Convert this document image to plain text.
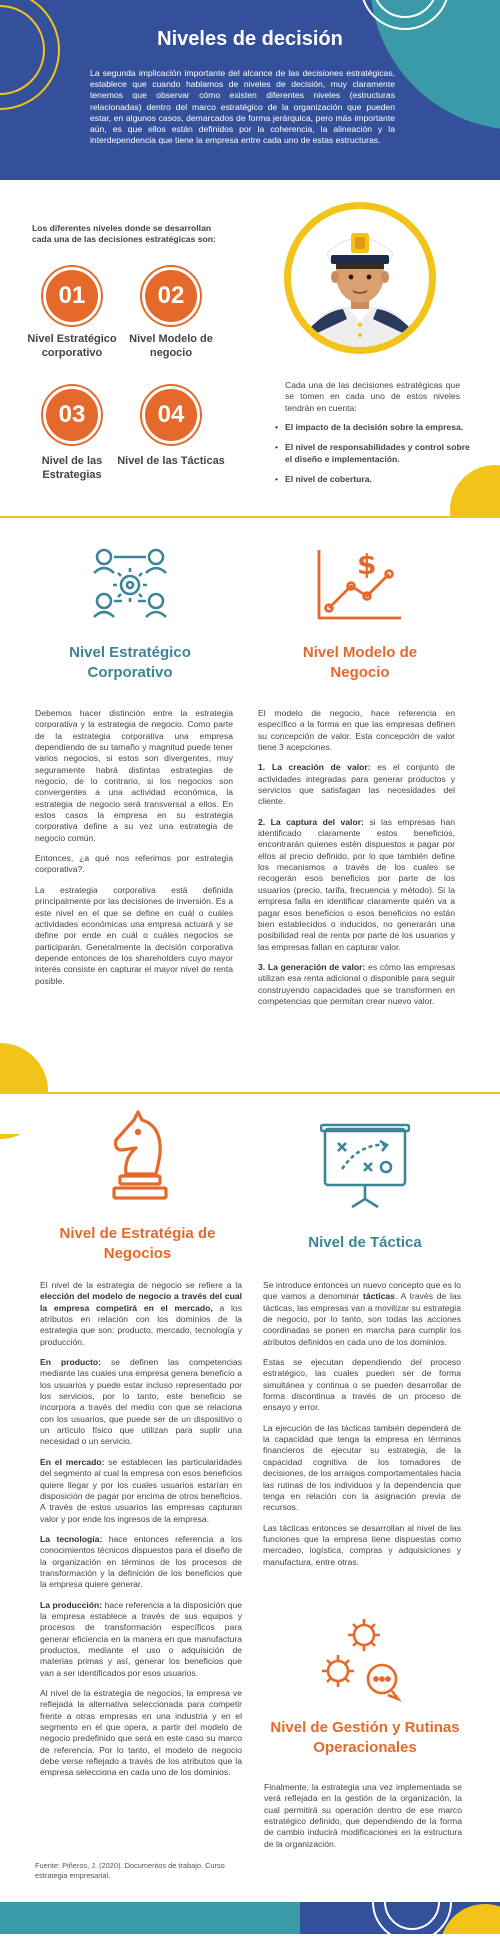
Niveles de decisión

La segunda implicación importante del alcance de las decisiones estratégicas, establece que cuando hablamos de niveles de decisión, muy claramente tenemos que observar cómo existen diferentes niveles (estructuras relacionadas) dentro del marco estratégico de la organización que pueden estar, en algunos casos, demarcados de forma jerárquica, pero más importante aún, es que ellos están definidos por la coherencia, la alineación y la interdependencia que tiene la empresa entre cada uno de estas estructuras.

Los diferentes niveles donde se desarrollan cada una de las decisiones estratégicas son:

01	02
Nivel Estratégico corporativo
Nivel Modelo de negocio
03	04
Nivel de las Estrategias
Nivel de las Tácticas

Cada una de las decisiones estratégicas que se tomen en cada uno de estos niveles tendrán en cuenta:

• El impacto de la decisión sobre la empresa.
• El nivel de responsabilidades y control sobre el diseño e implementación.
• El nivel de cobertura.
Nivel Estratégico Corporativo
$
Nivel Modelo de Negocio

Debemos hacer distinción entre la estrategia corporativa y la estrategia de negocio. Como parte de la estrategia corporativa una empresa dependiendo de su tamaño y magnitud puede tener varios negocios, si estos son divergentes, muy seguramente habrá distintas estrategias de negocio, de lo contrario, si los negocios son convergentes a una actividad económica, la estrategia de negocio será transversal a ellos. En estos casos la empresa en su estrategia corporativa define a su vez una estrategia de negocio común.

Entonces, ¿a qué nos referimos por estrategia corporativa?.

La estrategia corporativa está definida principalmente por las decisiones de inversión. Es a este nivel en el que se define en cuál o cuáles actividades económicas una empresa actuará y se define por ende en cuál o cuáles negocios se participarán. Generalmente la decisión corporativa depende entonces de los shareholders cuyo mayor interés consiste en capturar el mayor nivel de renta posible.

El modelo de negocio, hace referencia en específico a la forma en que las empresas definen su concepción de valor. Esta concepción de valor tiene 3 acepciones.

1. La creación de valor: es el conjunto de actividades integradas para generar productos y servicios que satisfagan las necesidades del cliente.

2. La captura del valor: si las empresas han identificado claramente estos beneficios, encontrarán quienes estén dispuestos a pagar por ellos al precio definido, por lo que también define los mecanismos a través de los cuales se recogerán esos beneficios por parte de los usuarios (precio, tarifa, frecuencia y método). Si la empresa falla en identificar claramente quién va a pagar esos beneficios o esos beneficios no están bien establecidos o inducidos, no generarán una posibilidad real de renta por parte de los usuarios y las empresas fallan en capturar valor.

3. La generación de valor: es cómo las empresas utilizan esa renta adicional o disponible para seguir construyendo capacidades que se transformen en competencias que permitan crear nuevo valor.

Nivel de Estratégia de Negocios
Nivel de Táctica

El nivel de la estrategia de negocio se refiere a la elección del modelo de negocio a través del cual la empresa competirá en el mercado, a los atributos en relación con los dominios de la estrategia que son: producto, mercado, tecnología y producción.

En producto: se definen las competencias mediante las cuales una empresa genera beneficio a los usuarios y puede estar incluso representado por los servicios, por lo tanto, este beneficio se incorpora a través del medio con que se relaciona con los usuarios, que puede ser de un dispositivo o un artículo físico que utilizan para suplir una necesidad o un servicio.

En el mercado: se establecen las particularidades del segmento al cual la empresa con esos beneficios quiere llegar y por los cuales usuarios estarían en disposición de pagar por encima de otros beneficios. A través de estos usuarios las empresas capturan valor y por ende los ingresos de la empresa.

La tecnología: hace entonces referencia a los conocimientos técnicos dispuestos para el diseño de la organización en términos de los procesos de transformación y la definición de los beneficios que la empresa quiere generar.

La producción: hace referencia a la disposición que la empresa establece a través de sus equipos y procesos de transformación específicos para generar eficiencia en la manera en que manufactura productos, mediante el uso o adquisición de materias primas y así, generar los beneficios que van a ser identificados por esos usuarios.

Al nivel de la estrategia de negocios, la empresa ve reflejada la alternativa seleccionada para competir frente a otras empresas en una industria y en el segmento en el que opera, a partir del modelo de negocio predefinido que será en este caso su marco de referencia. Por lo tanto, el modelo de negocio debe verse reflejado a través de los atributos que la empresa selecciona en cada uno de los dominios.

Se introduce entonces un nuevo concepto que es lo que vamos a denominar tácticas. A través de las tácticas, las empresas van a movilizar su estrategia de negocio, por lo tanto, son todas las acciones coordinadas se ponen en marcha para cumplir los atributos definidos en cada uno de los dominios.

Estas se ejecutan dependiendo del proceso estratégico, las cuales pueden ser de forma simultánea y continua o se pueden desarrollar de forma discontinua a través de un proceso de ensayo y error.

La ejecución de las tácticas también dependerá de la capacidad que tenga la empresa en términos financieros de ejecutar su estrategia, de la capacidad cognitiva de los tomadores de decisiones, de los arraigos comportamentales hacia las rutinas de los individuos y la dependencia que tenga en relación con la asignación previa de recursos.

Las tácticas entonces se desarrollan al nivel de las funciones que la empresa tiene dispuestas como mercadeo, logística, compras y adquisiciones y manufactura, entre otras.

Nivel de Gestión y Rutinas Operacionales

Finalmente, la estrategia una vez implementada se verá reflejada en la gestión de la organización, la cual permitirá su operación dentro de ese marco estratégico definido, que dependiendo de la forma de cambio inducirá modificaciones en la estructura de la organización.

Fuente: Piñeros, J. (2020). Documentos de trabajo. Curso estrategia empresarial.
